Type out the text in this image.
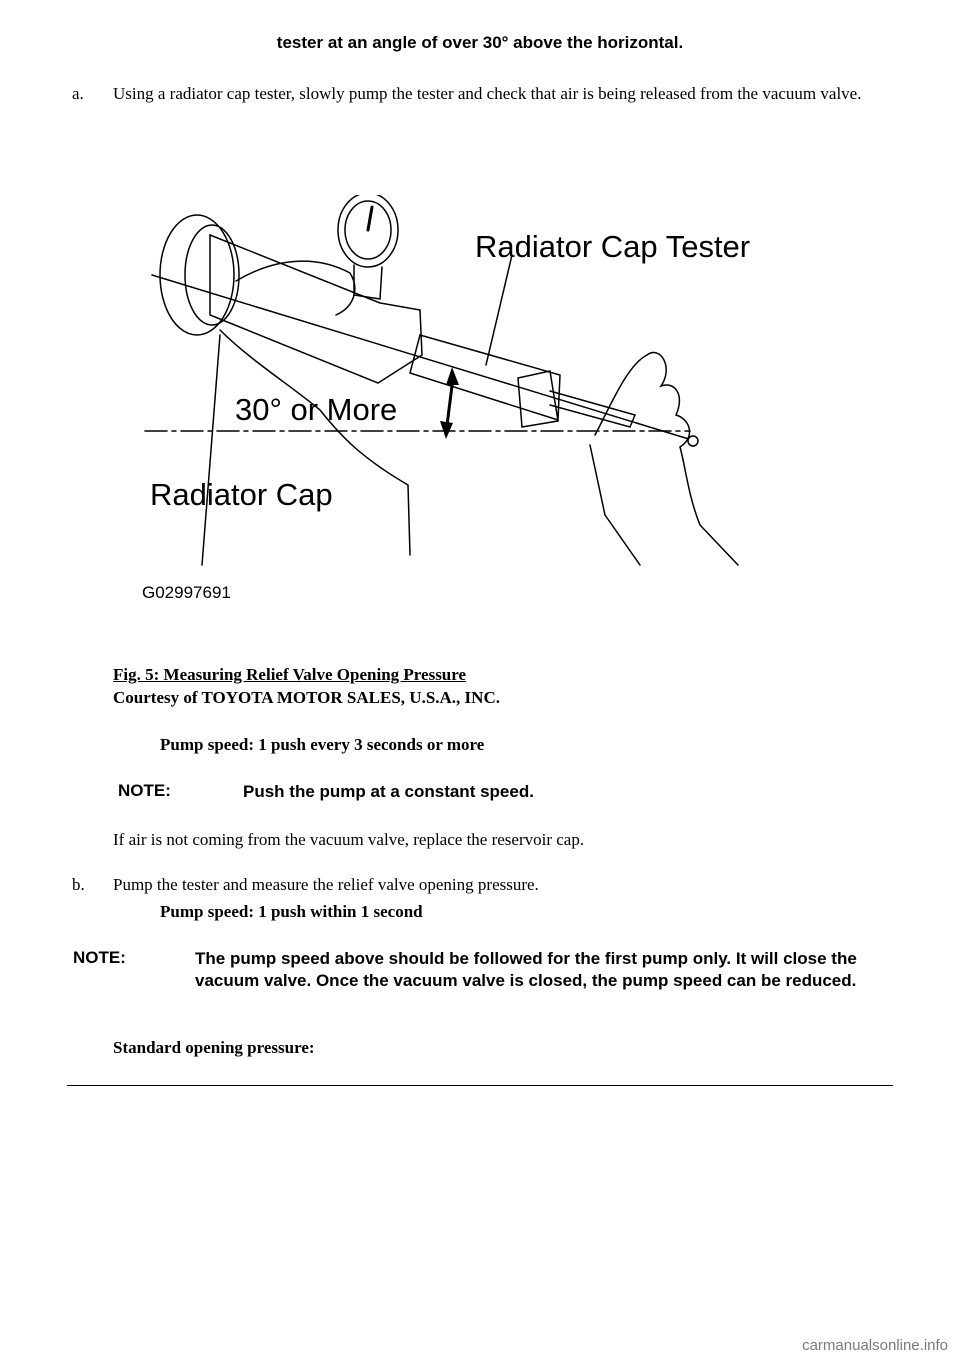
tester at an angle of over 30° above the horizontal.
a. Using a radiator cap tester, slowly pump the tester and check that air is being released from the vacuum valve.
Radiator Cap Tester
30° or More
Radiator Cap
G02997691
Fig. 5: Measuring Relief Valve Opening Pressure
Courtesy of TOYOTA MOTOR SALES, U.S.A., INC.
Pump speed: 1 push every 3 seconds or more
NOTE:	Push the pump at a constant speed.
If air is not coming from the vacuum valve, replace the reservoir cap.
b. Pump the tester and measure the relief valve opening pressure.
Pump speed: 1 push within 1 second
NOTE:	The pump speed above should be followed for the first pump only. It will close the vacuum valve. Once the vacuum valve is closed, the pump speed can be reduced.
Standard opening pressure:
carmanualsonline.info
